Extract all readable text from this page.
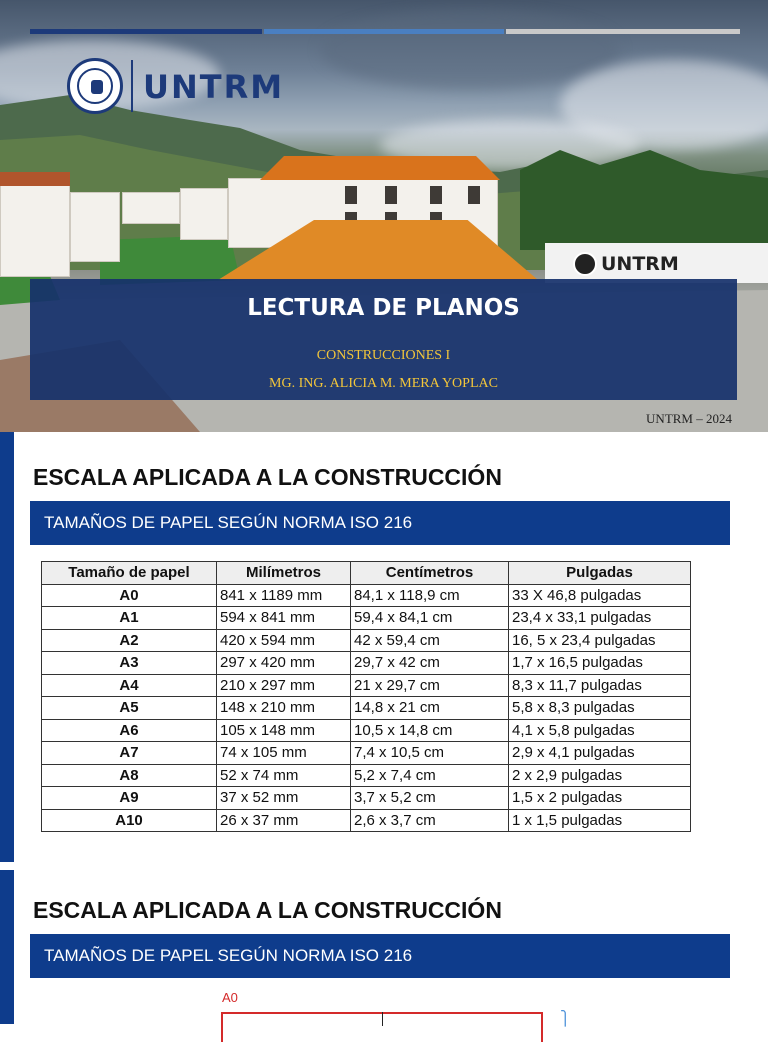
UNTRM
UNTRM
LECTURA DE PLANOS
CONSTRUCCIONES I
MG. ING. ALICIA M. MERA YOPLAC
UNTRM – 2024
ESCALA APLICADA A LA CONSTRUCCIÓN
TAMAÑOS DE PAPEL SEGÚN NORMA ISO 216
Tamaño de papel	Milímetros	Centímetros	Pulgadas
A0	841 x 1189 mm	84,1 x 118,9 cm	33 X 46,8 pulgadas
A1	594 x 841 mm	59,4 x 84,1 cm	23,4 x 33,1 pulgadas
A2	420 x 594 mm	42 x 59,4 cm	16, 5 x 23,4 pulgadas
A3	297 x 420 mm	29,7 x 42 cm	1,7 x 16,5 pulgadas
A4	210 x 297 mm	21 x 29,7 cm	8,3 x 11,7 pulgadas
A5	148 x 210 mm	14,8 x 21 cm	5,8 x 8,3 pulgadas
A6	105 x 148 mm	10,5 x 14,8 cm	4,1 x 5,8 pulgadas
A7	74 x 105 mm	7,4 x 10,5 cm	2,9 x 4,1 pulgadas
A8	52 x 74 mm	5,2 x 7,4 cm	2 x 2,9 pulgadas
A9	37 x 52 mm	3,7 x 5,2 cm	1,5 x 2 pulgadas
A10	26 x 37 mm	2,6 x 3,7 cm	1 x 1,5 pulgadas
ESCALA APLICADA A LA CONSTRUCCIÓN
TAMAÑOS DE PAPEL SEGÚN NORMA ISO 216
A0
⎫
